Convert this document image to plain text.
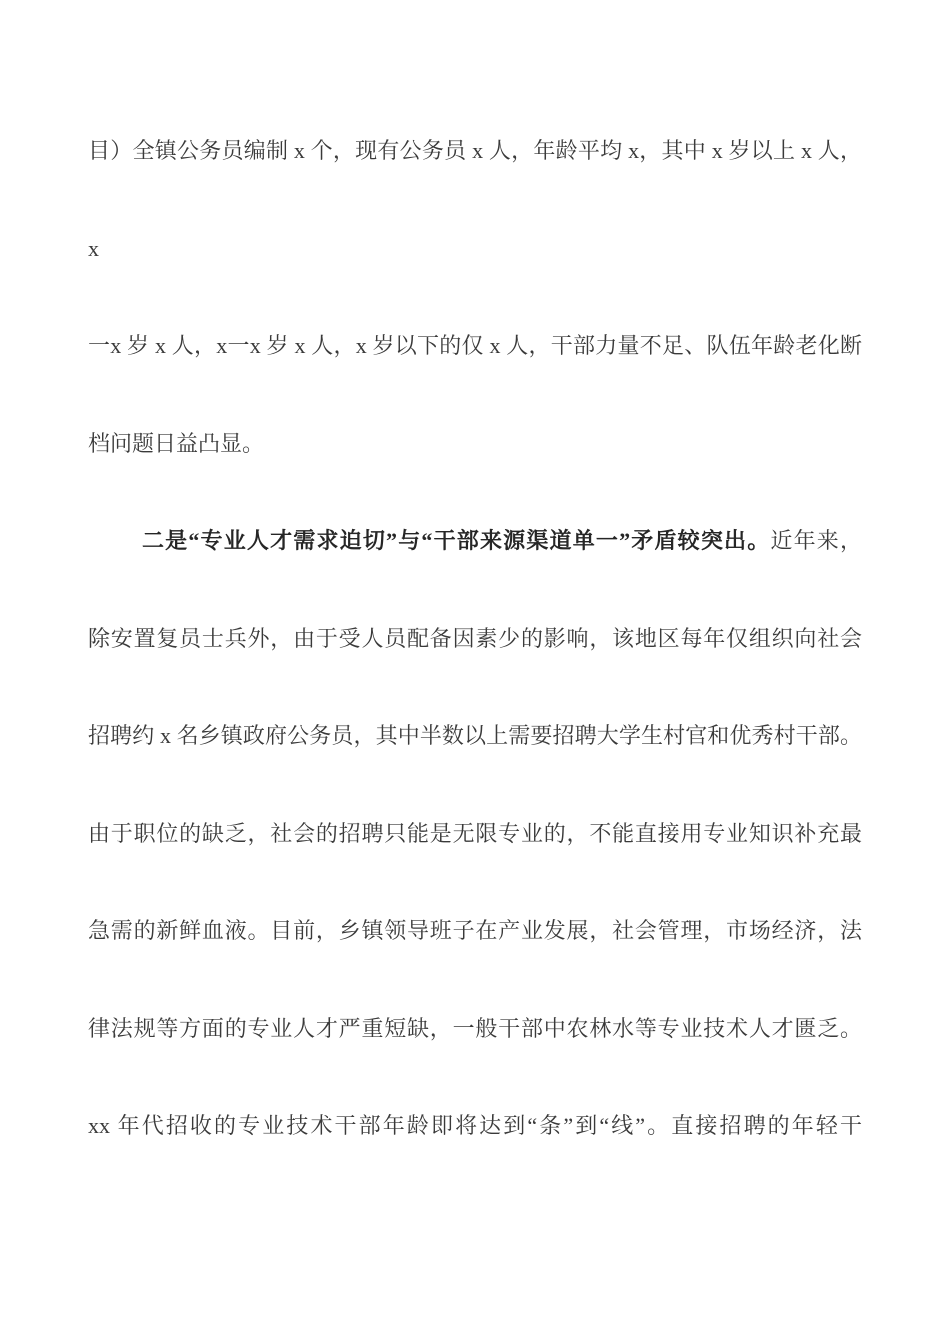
目）全镇公务员编制 x 个，现有公务员 x 人，年龄平均 x，其中 x 岁以上 x 人，x
一x 岁 x 人，x一x 岁 x 人，x 岁以下的仅 x 人，干部力量不足、队伍年龄老化断
档问题日益凸显。
二是“专业人才需求迫切”与“干部来源渠道单一”矛盾较突出。近年来，
除安置复员士兵外，由于受人员配备因素少的影响，该地区每年仅组织向社会
招聘约 x 名乡镇政府公务员，其中半数以上需要招聘大学生村官和优秀村干部。
由于职位的缺乏，社会的招聘只能是无限专业的，不能直接用专业知识补充最
急需的新鲜血液。目前，乡镇领导班子在产业发展，社会管理，市场经济，法
律法规等方面的专业人才严重短缺，一般干部中农林水等专业技术人才匮乏。
xx 年代招收的专业技术干部年龄即将达到“条”到“线”。直接招聘的年轻干
